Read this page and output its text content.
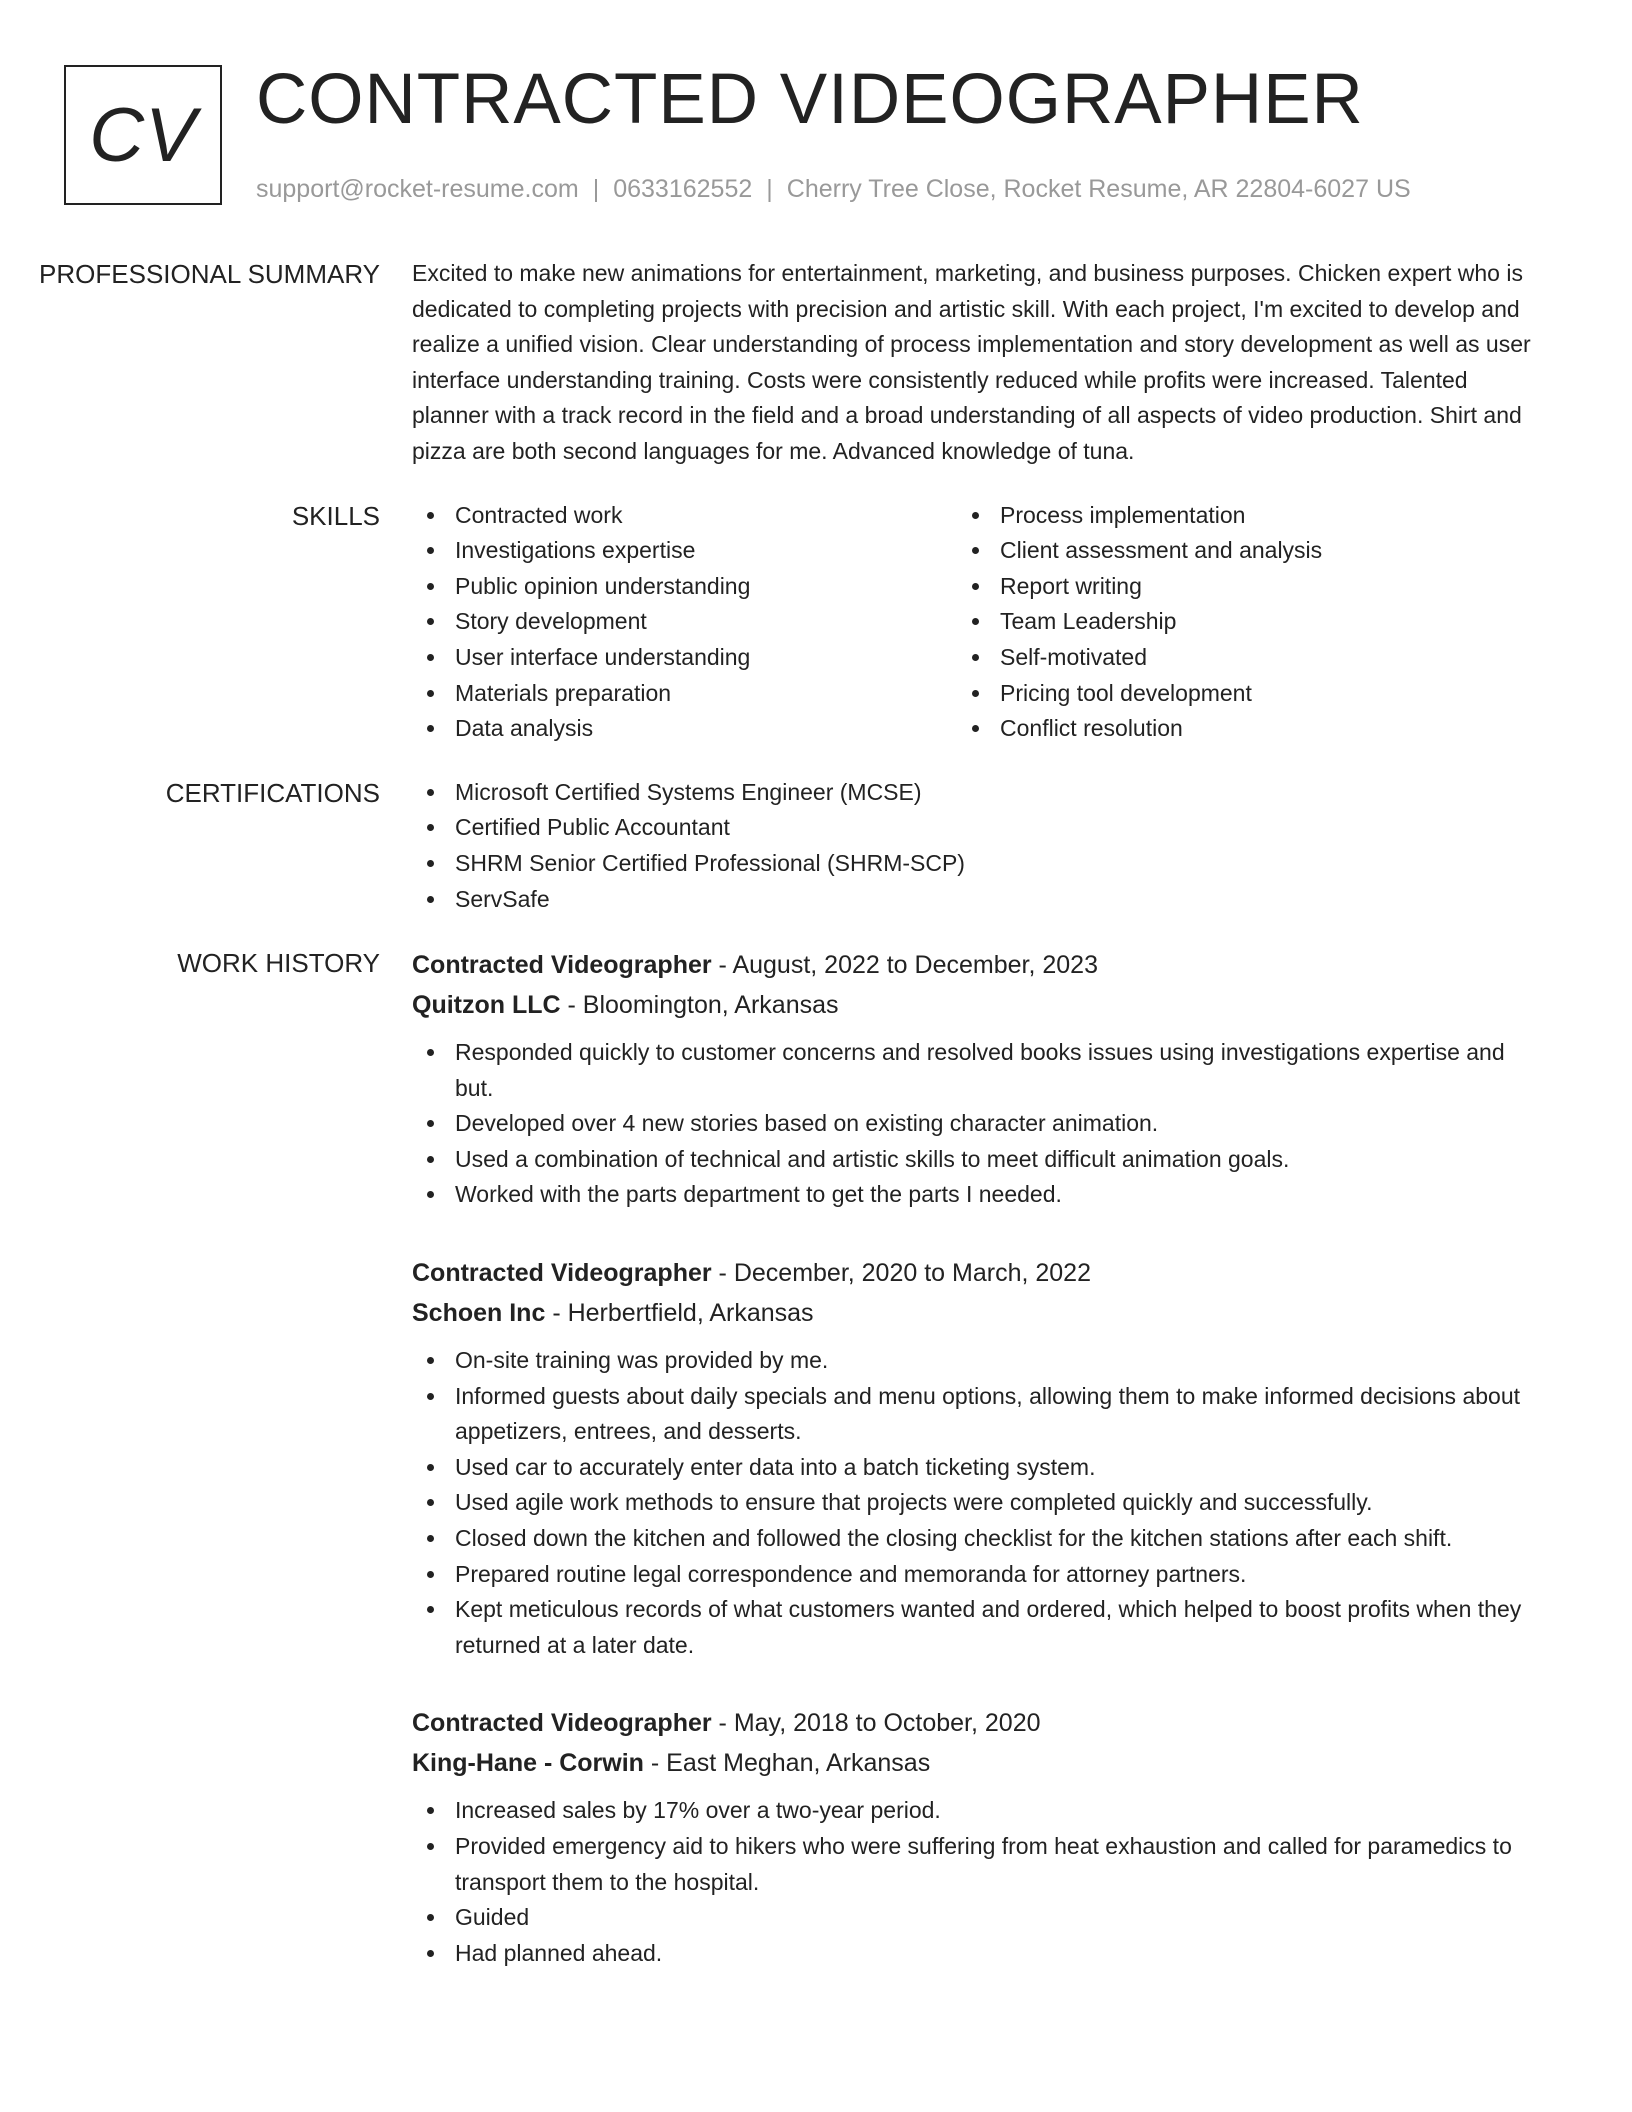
CV CONTRACTED VIDEOGRAPHER
support@rocket-resume.com | 0633162552 | Cherry Tree Close, Rocket Resume, AR 22804-6027 US
PROFESSIONAL SUMMARY	Excited to make new animations for entertainment, marketing, and business purposes. Chicken expert who is dedicated to completing projects with precision and artistic skill. With each project, I'm excited to develop and realize a unified vision. Clear understanding of process implementation and story development as well as user interface understanding training. Costs were consistently reduced while profits were increased. Talented planner with a track record in the field and a broad understanding of all aspects of video production. Shirt and pizza are both second languages for me. Advanced knowledge of tuna.

SKILLS	Contracted work
Investigations expertise
Public opinion understanding
Story development
User interface understanding
Materials preparation
Data analysis
Process implementation
Client assessment and analysis
Report writing
Team Leadership
Self-motivated
Pricing tool development
Conflict resolution
CERTIFICATIONS	Microsoft Certified Systems Engineer (MCSE)
Certified Public Accountant
SHRM Senior Certified Professional (SHRM-SCP)
ServSafe
WORK HISTORY	Contracted Videographer - August, 2022 to December, 2023
Quitzon LLC - Bloomington, Arkansas
Responded quickly to customer concerns and resolved books issues using investigations expertise and but.
Developed over 4 new stories based on existing character animation.
Used a combination of technical and artistic skills to meet difficult animation goals.
Worked with the parts department to get the parts I needed.
Contracted Videographer - December, 2020 to March, 2022
Schoen Inc - Herbertfield, Arkansas
On-site training was provided by me.
Informed guests about daily specials and menu options, allowing them to make informed decisions about appetizers, entrees, and desserts.
Used car to accurately enter data into a batch ticketing system.
Used agile work methods to ensure that projects were completed quickly and successfully.
Closed down the kitchen and followed the closing checklist for the kitchen stations after each shift.
Prepared routine legal correspondence and memoranda for attorney partners.
Kept meticulous records of what customers wanted and ordered, which helped to boost profits when they returned at a later date.
Contracted Videographer - May, 2018 to October, 2020
King-Hane - Corwin - East Meghan, Arkansas
Increased sales by 17% over a two-year period.
Provided emergency aid to hikers who were suffering from heat exhaustion and called for paramedics to transport them to the hospital.
Guided
Had planned ahead.
